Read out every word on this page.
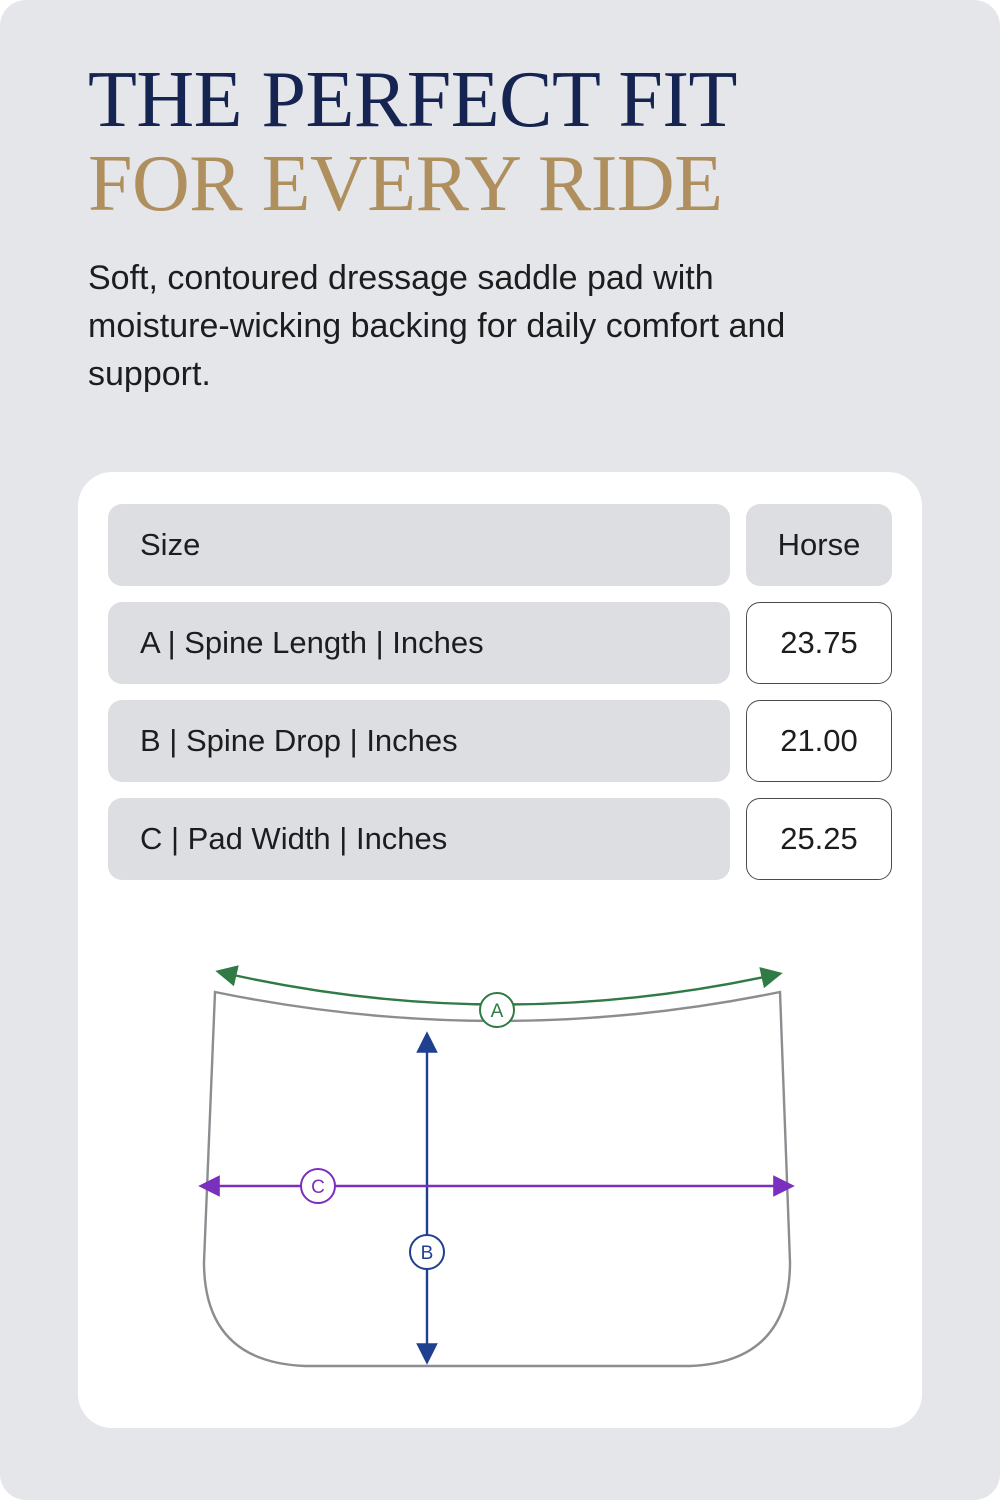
THE PERFECT FIT
FOR EVERY RIDE
Soft, contoured dressage saddle pad with moisture-wicking backing for daily comfort and support.
Size	Horse
A | Spine Length | Inches	23.75
B | Spine Drop | Inches	21.00
C | Pad Width | Inches	25.25
A
B
C
